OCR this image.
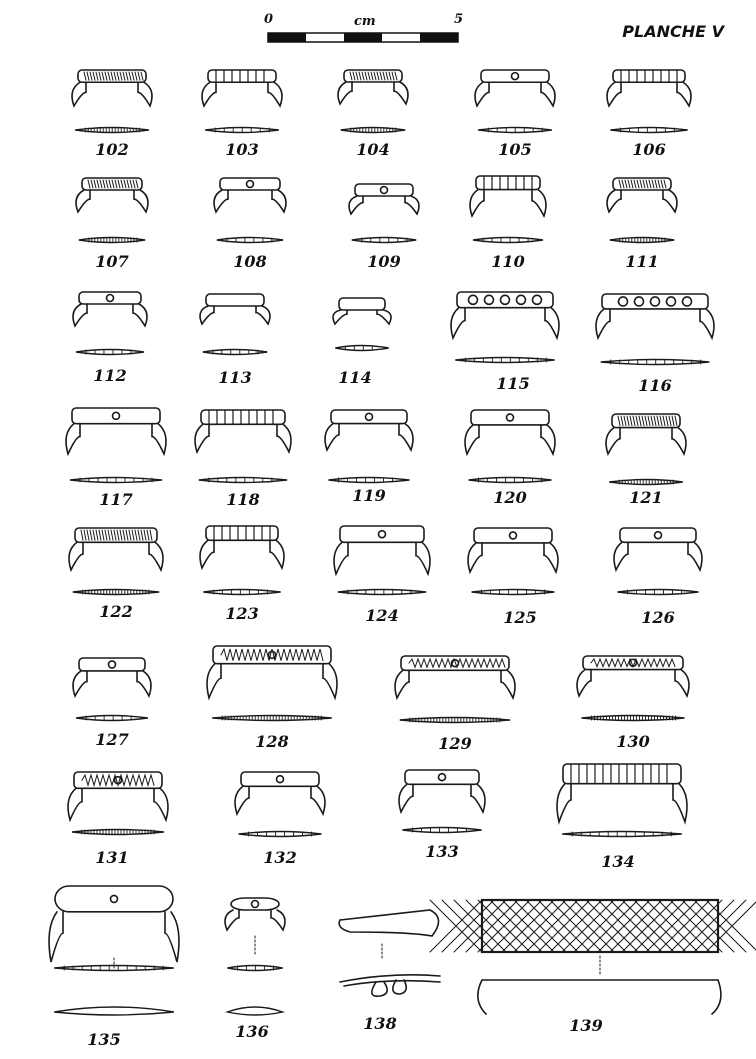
PLANCHE V
0	cm	5
102	103	104	105	106
107	108	109	110	111
112	113	114	115	116
117	118	119	120	121
122	123	124	125	126
127	128	129	130
131	132	133
134
135	136	138	139
